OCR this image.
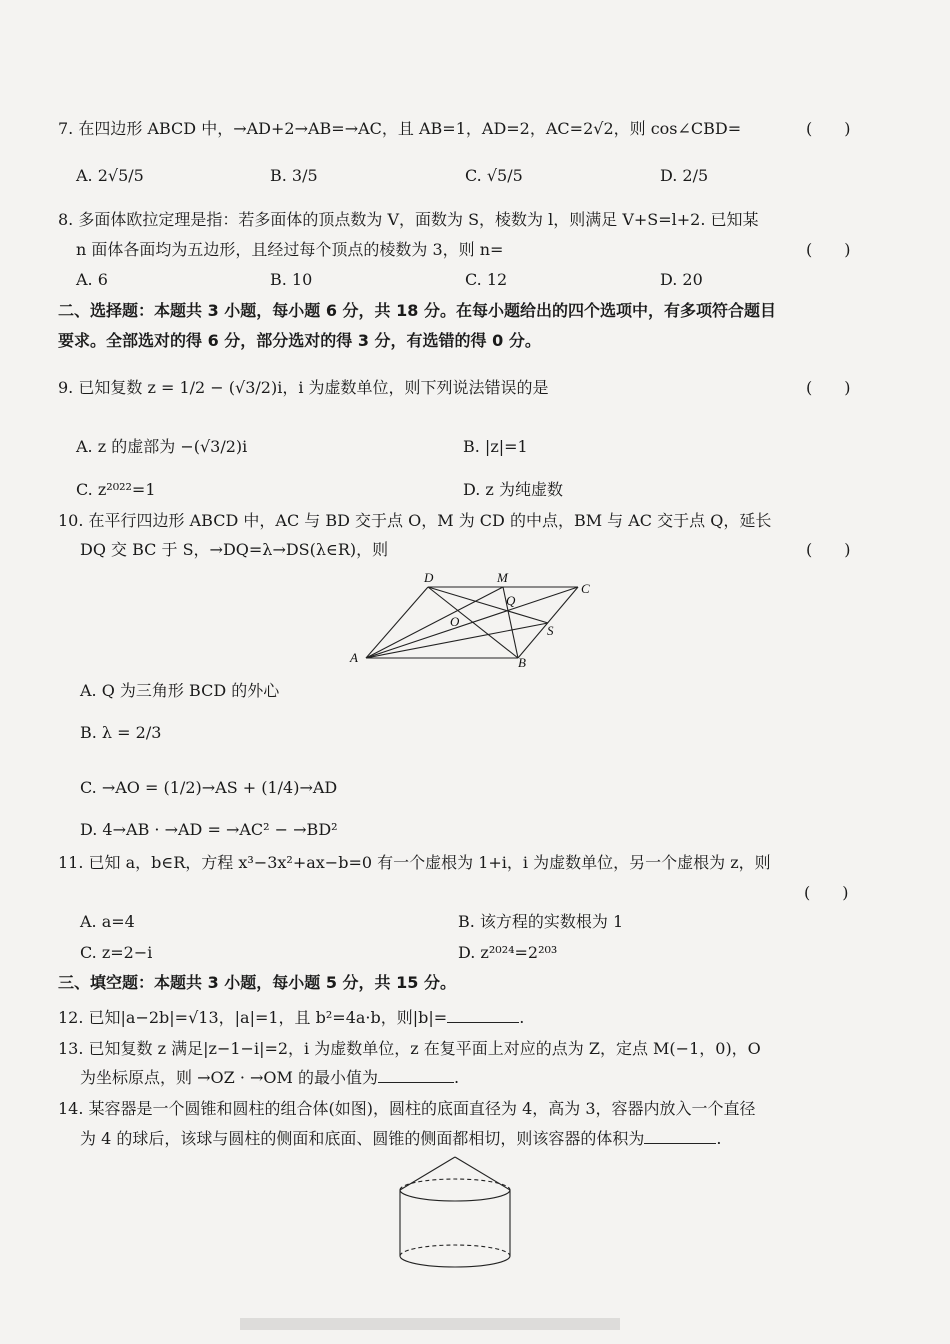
7. 在四边形 ABCD 中，→AD+2→AB=→AC，且 AB=1，AD=2，AC=2√2，则 cos∠CBD=	(　　)
A. 2√5/5	B. 3/5	C. √5/5	D. 2/5
8. 多面体欧拉定理是指：若多面体的顶点数为 V，面数为 S，棱数为 l，则满足 V+S=l+2. 已知某
n 面体各面均为五边形，且经过每个顶点的棱数为 3，则 n=	(　　)
A. 6	B. 10	C. 12	D. 20
二、选择题：本题共 3 小题，每小题 6 分，共 18 分。在每小题给出的四个选项中，有多项符合题目
要求。全部选对的得 6 分，部分选对的得 3 分，有选错的得 0 分。
9. 已知复数 z = 1/2 − (√3/2)i，i 为虚数单位，则下列说法错误的是	(　　)
A. z 的虚部为 −(√3/2)i	B. |z|=1
C. z²⁰²²=1	D. z 为纯虚数
10. 在平行四边形 ABCD 中，AC 与 BD 交于点 O，M 为 CD 的中点，BM 与 AC 交于点 Q，延长
DQ 交 BC 于 S，→DQ=λ→DS(λ∈R)，则	(　　)
D	M
C
Q
O
S
A	B
A. Q 为三角形 BCD 的外心
B. λ = 2/3
C. →AO = (1/2)→AS + (1/4)→AD
D. 4→AB · →AD = →AC² − →BD²
11. 已知 a，b∈R，方程 x³−3x²+ax−b=0 有一个虚根为 1+i，i 为虚数单位，另一个虚根为 z，则
(　　)
A. a=4	B. 该方程的实数根为 1
C. z=2−i	D. z²⁰²⁴=2²⁰³
三、填空题：本题共 3 小题，每小题 5 分，共 15 分。
12. 已知|a−2b|=√13，|a|=1，且 b²=4a·b，则|b|=	.
13. 已知复数 z 满足|z−1−i|=2，i 为虚数单位，z 在复平面上对应的点为 Z，定点 M(−1，0)，O
为坐标原点，则 →OZ · →OM 的最小值为	.
14. 某容器是一个圆锥和圆柱的组合体(如图)，圆柱的底面直径为 4，高为 3，容器内放入一个直径
为 4 的球后，该球与圆柱的侧面和底面、圆锥的侧面都相切，则该容器的体积为	.
